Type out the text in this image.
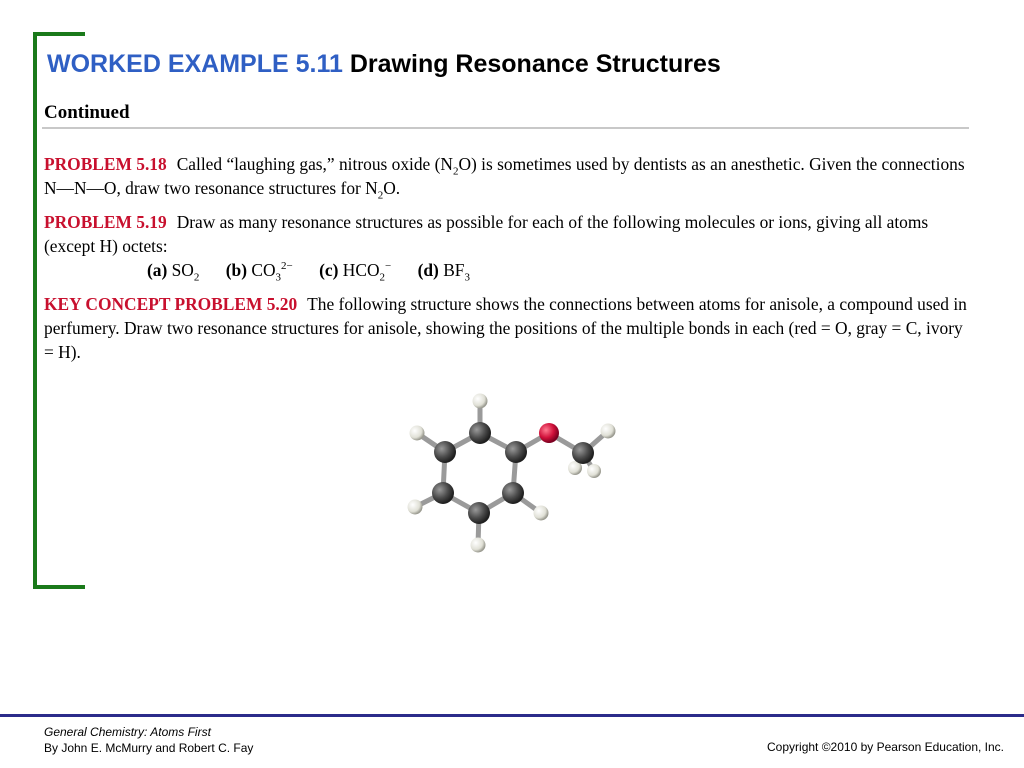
WORKED EXAMPLE 5.11 Drawing Resonance Structures
Continued

PROBLEM 5.18 Called “laughing gas,” nitrous oxide $(N_2O)$ is sometimes used by dentists as an anesthetic. Given the connections N—N—O, draw two resonance structures for $N_2O$.

PROBLEM 5.19 Draw as many resonance structures as possible for each of the following molecules or ions, giving all atoms (except H) octets:

(a) $SO_2$ (b) $CO_3^{2-}$ (c) $HCO_2^-$ (d) $BF_3$

KEY CONCEPT PROBLEM 5.20 The following structure shows the connections between atoms for anisole, a compound used in perfumery. Draw two resonance structures for anisole, showing the positions of the multiple bonds in each (red = O, gray = C, ivory = H).

General Chemistry: Atoms First
By John E. McMurry and Robert C. Fay	Copyright ©2010 by Pearson Education, Inc.
